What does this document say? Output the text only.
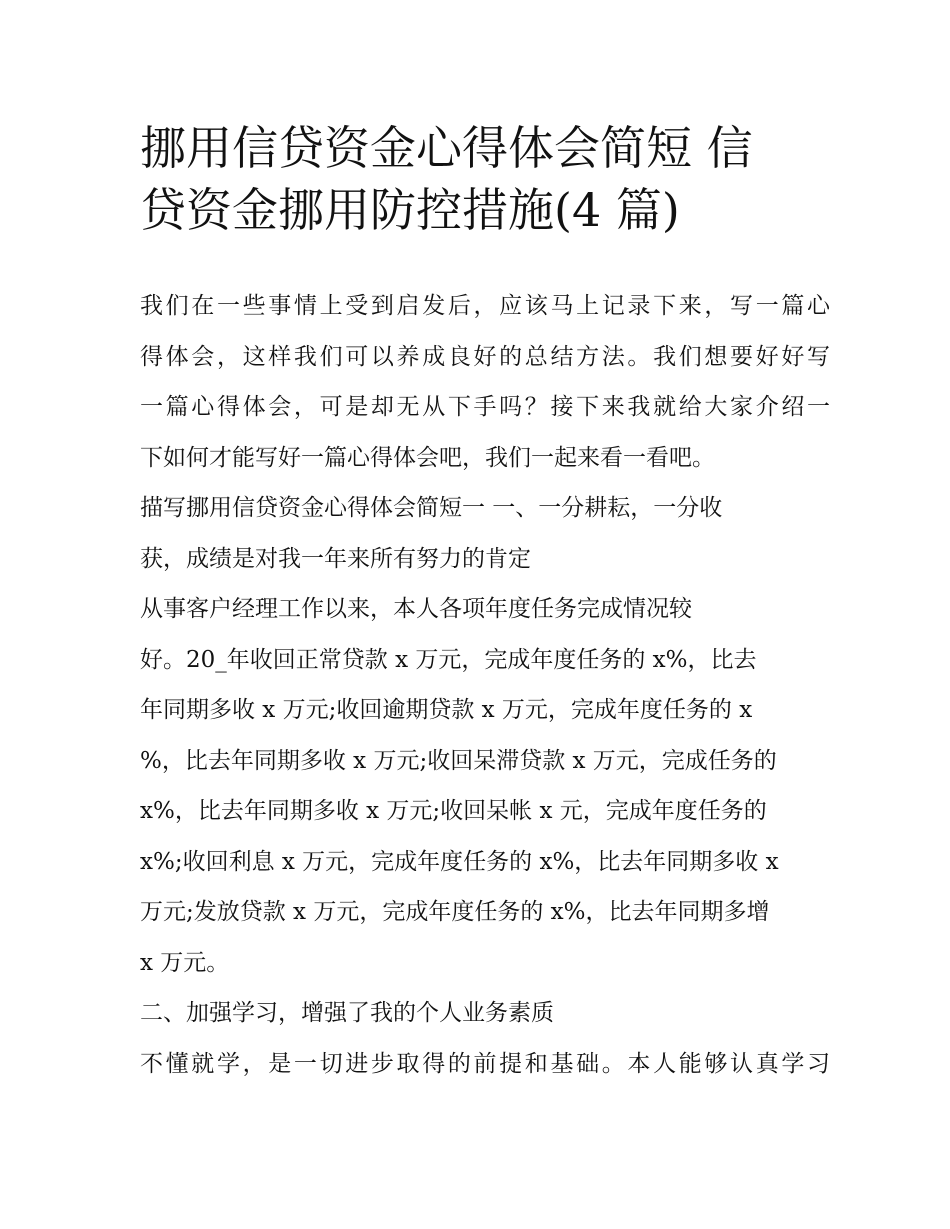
挪用信贷资金心得体会简短 信
贷资金挪用防控措施(4 篇)
我们在一些事情上受到启发后，应该马上记录下来，写一篇心
得体会，这样我们可以养成良好的总结方法。我们想要好好写
一篇心得体会，可是却无从下手吗？接下来我就给大家介绍一
下如何才能写好一篇心得体会吧，我们一起来看一看吧。
描写挪用信贷资金心得体会简短一 一、一分耕耘，一分收
获，成绩是对我一年来所有努力的肯定
从事客户经理工作以来，本人各项年度任务完成情况较
好。20_年收回正常贷款 x 万元，完成年度任务的 x%，比去
年同期多收 x 万元;收回逾期贷款 x 万元，完成年度任务的 x
%，比去年同期多收 x 万元;收回呆滞贷款 x 万元，完成任务的
x%，比去年同期多收 x 万元;收回呆帐 x 元，完成年度任务的
x%;收回利息 x 万元，完成年度任务的 x%，比去年同期多收 x
万元;发放贷款 x 万元，完成年度任务的 x%，比去年同期多增
x 万元。
二、加强学习，增强了我的个人业务素质
不懂就学，是一切进步取得的前提和基础。本人能够认真学习
